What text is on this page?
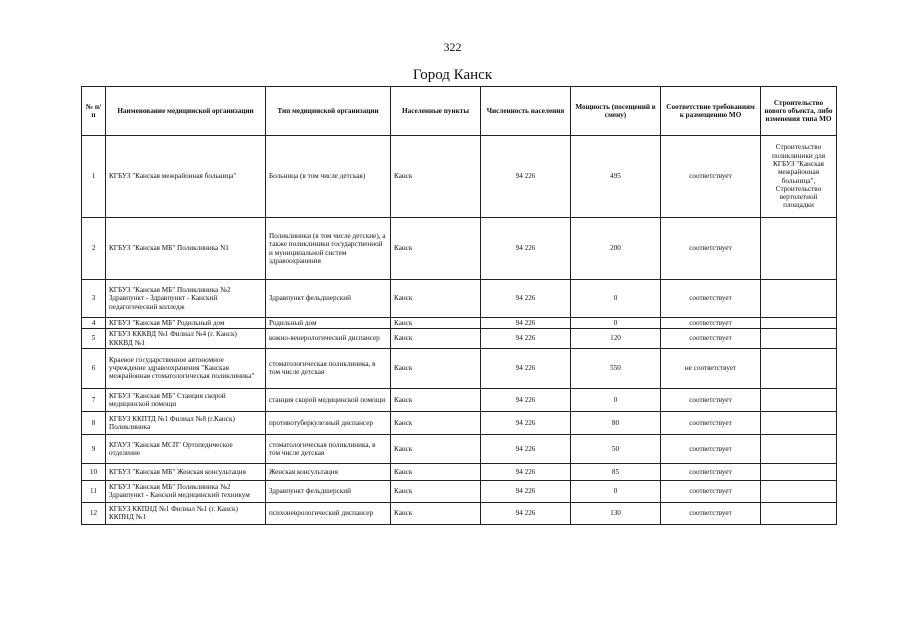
322
Город Канск
№ п/п	Наименование медицинской организации	Тип медицинской организации	Населенные пункты	Численность населения	Мощность (посещений в смену)	Соответствие требованиям к размещению МО	Строительство нового объекта, либо изменения типа МО
1	КГБУЗ "Канская межрайонная больница"	Больница (в том числе детская)	Канск	94 226	495	соответствует	Строительство поликлиники для КГБУЗ "Канская межрайонная больница", Строительство вертолетной площадки
2	КГБУЗ "Канская МБ" Поликлиника N1	Поликлиники (в том числе детские), а также поликлиники государственной и муниципальной систем здравоохранения	Канск	94 226	200	соответствует	
3	КГБУЗ "Канская МБ" Поликлиника №2 Здравпункт - Здравпункт - Канский педагогический колледж	Здравпункт фельдшерский	Канск	94 226	0	соответствует	
4	КГБУЗ "Канская МБ" Родильный дом	Родильный дом	Канск	94 226	0	соответствует	
5	КГБУЗ КККВД №1 Филиал №4 (г. Канск) КККВД №1	кожно-венерологический диспансер	Канск	94 226	120	соответствует	
6	Краевое государственное автономное учреждение здравоохранения "Канская межрайонная стоматологическая поликлиника"	стоматологическая поликлиника, в том числе детская	Канск	94 226	550	не соответствует	
7	КГБУЗ "Канская МБ" Станция скорой медицинской помощи	станция скорой медицинской помощи	Канск	94 226	0	соответствует	
8	КГБУЗ ККПТД №1 Филиал №8 (г.Канск) Поликлиника	противотуберкулезный диспансер	Канск	94 226	80	соответствует	
9	КГАУЗ "Канская МСП" Ортопедическое отделение	стоматологическая поликлиника, в том числе детская	Канск	94 226	50	соответствует	
10	КГБУЗ "Канская МБ" Женская консультация	Женская консультация	Канск	94 226	85	соответствует	
11	КГБУЗ "Канская МБ" Поликлиника №2 Здравпункт - Канский медицинский техникум	Здравпункт фельдшерский	Канск	94 226	0	соответствует	
12	КГБУЗ ККПНД №1 Филиал №1 (г. Канск) ККПНД №1	психоневрологический диспансер	Канск	94 226	130	соответствует	
